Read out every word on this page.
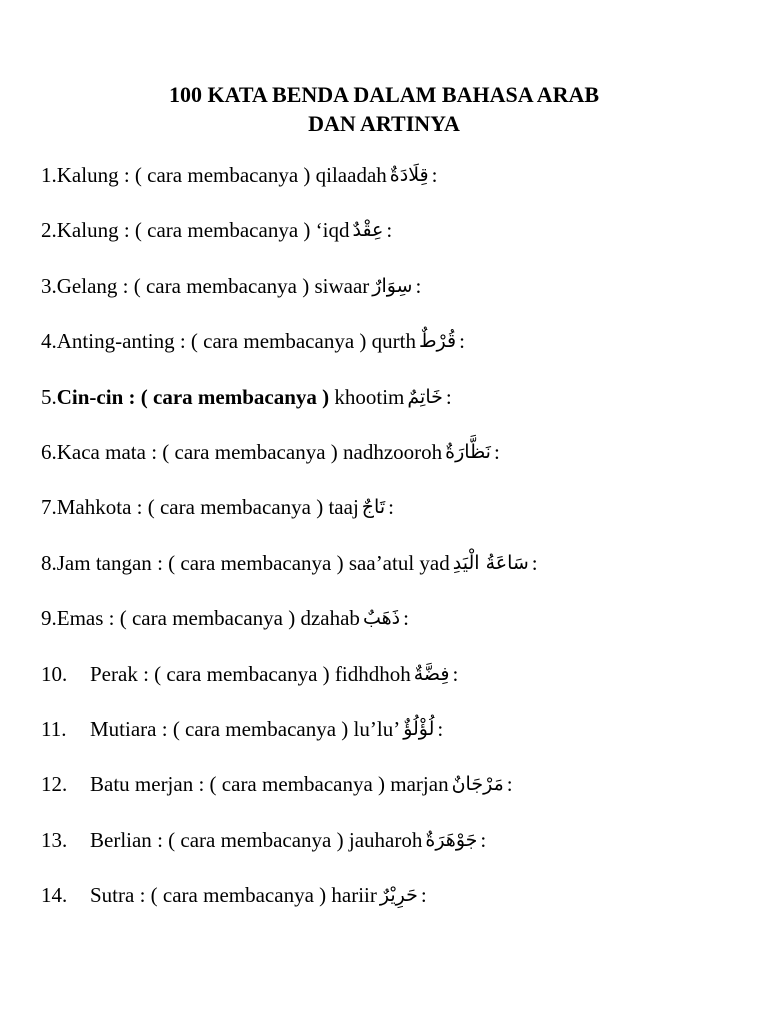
100 KATA BENDA DALAM BAHASA ARAB
DAN ARTINYA
1. Kalung : ( cara membacanya ) qilaadah قِلَادَةٌ :
2. Kalung : ( cara membacanya ) ‘iqd عِقْدٌ :
3. Gelang : ( cara membacanya ) siwaar سِوَارٌ :
4. Anting-anting : ( cara membacanya ) qurth قُرْطٌ :
5. Cin-cin : ( cara membacanya ) khootim خَاتِمٌ :
6. Kaca mata : ( cara membacanya ) nadhzooroh نَظَّارَةٌ :
7. Mahkota : ( cara membacanya ) taaj تَاجٌ :
8. Jam tangan : ( cara membacanya ) saa’atul yad سَاعَةُ الْيَدِ :
9. Emas : ( cara membacanya ) dzahab ذَهَبٌ :
10.	Perak : ( cara membacanya ) fidhdhoh فِضَّةٌ :
11.	Mutiara : ( cara membacanya ) lu’lu’ لُؤْلُؤٌ :
12.	Batu merjan : ( cara membacanya ) marjan مَرْجَانٌ :
13.	Berlian : ( cara membacanya ) jauharoh جَوْهَرَةٌ :
14.	Sutra : ( cara membacanya ) hariir حَرِيْرٌ :
